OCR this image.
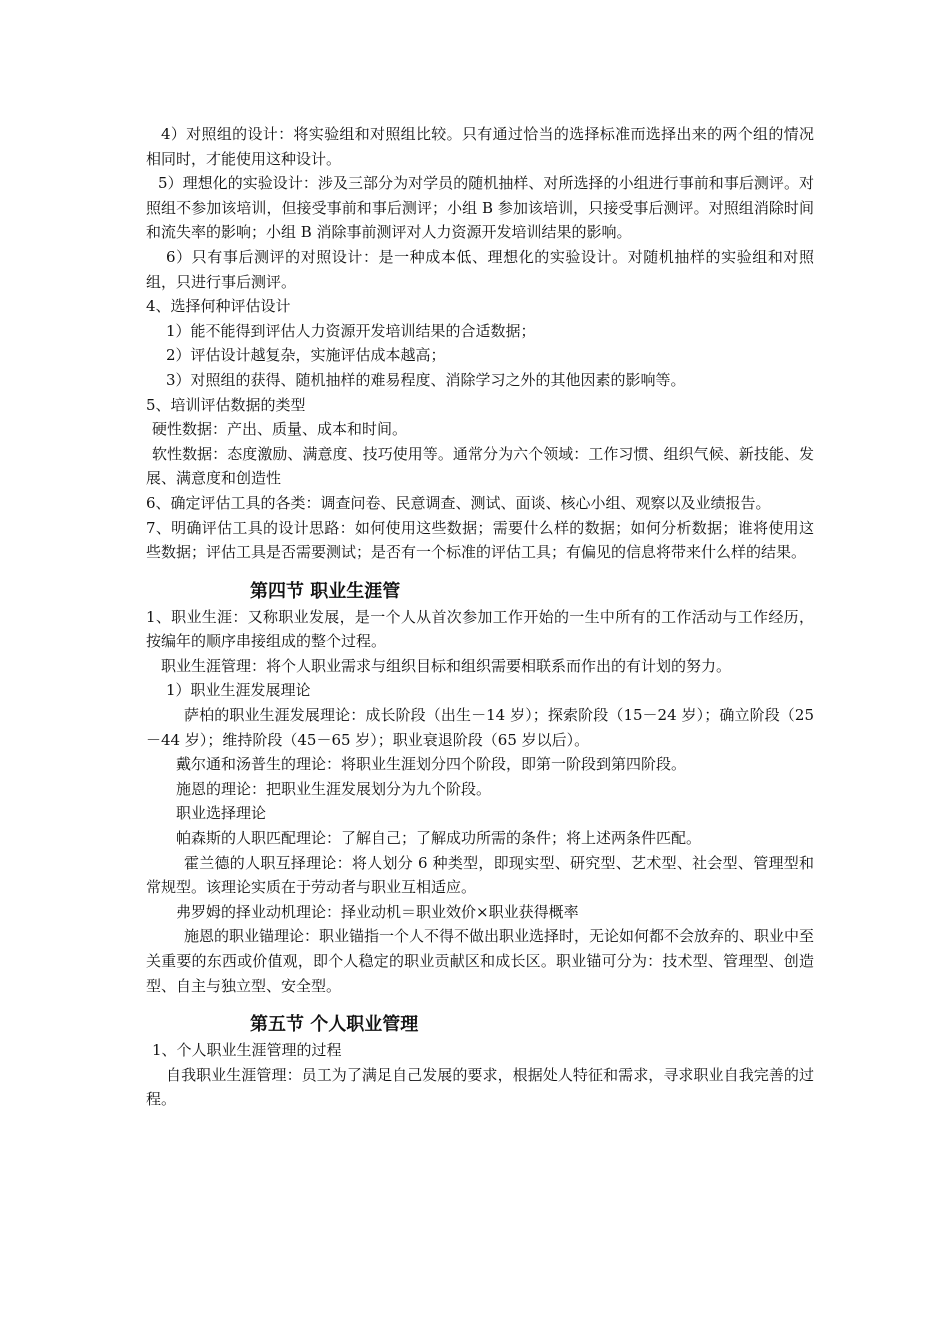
4）对照组的设计：将实验组和对照组比较。只有通过恰当的选择标准而选择出来的两个组的情况相同时，才能使用这种设计。

5）理想化的实验设计：涉及三部分为对学员的随机抽样、对所选择的小组进行事前和事后测评。对照组不参加该培训，但接受事前和事后测评；小组 B 参加该培训，只接受事后测评。对照组消除时间和流失率的影响；小组 B 消除事前测评对人力资源开发培训结果的影响。

6）只有事后测评的对照设计：是一种成本低、理想化的实验设计。对随机抽样的实验组和对照组，只进行事后测评。

4、选择何种评估设计

1）能不能得到评估人力资源开发培训结果的合适数据；

2）评估设计越复杂，实施评估成本越高；

3）对照组的获得、随机抽样的难易程度、消除学习之外的其他因素的影响等。

5、培训评估数据的类型

硬性数据：产出、质量、成本和时间。

软性数据：态度激励、满意度、技巧使用等。通常分为六个领域：工作习惯、组织气候、新技能、发展、满意度和创造性

6、确定评估工具的各类：调查问卷、民意调查、测试、面谈、核心小组、观察以及业绩报告。

7、明确评估工具的设计思路：如何使用这些数据；需要什么样的数据；如何分析数据；谁将使用这些数据；评估工具是否需要测试；是否有一个标准的评估工具；有偏见的信息将带来什么样的结果。

第四节 职业生涯管

1、职业生涯：又称职业发展，是一个人从首次参加工作开始的一生中所有的工作活动与工作经历，按编年的顺序串接组成的整个过程。

职业生涯管理：将个人职业需求与组织目标和组织需要相联系而作出的有计划的努力。

1）职业生涯发展理论

萨柏的职业生涯发展理论：成长阶段（出生－14 岁）；探索阶段（15－24 岁）；确立阶段（25－44 岁）；维持阶段（45－65 岁）；职业衰退阶段（65 岁以后）。

戴尔通和汤普生的理论：将职业生涯划分四个阶段，即第一阶段到第四阶段。

施恩的理论：把职业生涯发展划分为九个阶段。

职业选择理论

帕森斯的人职匹配理论：了解自己；了解成功所需的条件；将上述两条件匹配。

霍兰德的人职互择理论：将人划分 6 种类型，即现实型、研究型、艺术型、社会型、管理型和常规型。该理论实质在于劳动者与职业互相适应。

弗罗姆的择业动机理论：择业动机＝职业效价×职业获得概率

施恩的职业锚理论：职业锚指一个人不得不做出职业选择时，无论如何都不会放弃的、职业中至关重要的东西或价值观，即个人稳定的职业贡献区和成长区。职业锚可分为：技术型、管理型、创造型、自主与独立型、安全型。

第五节 个人职业管理

1、个人职业生涯管理的过程

自我职业生涯管理：员工为了满足自己发展的要求，根据处人特征和需求，寻求职业自我完善的过程。
